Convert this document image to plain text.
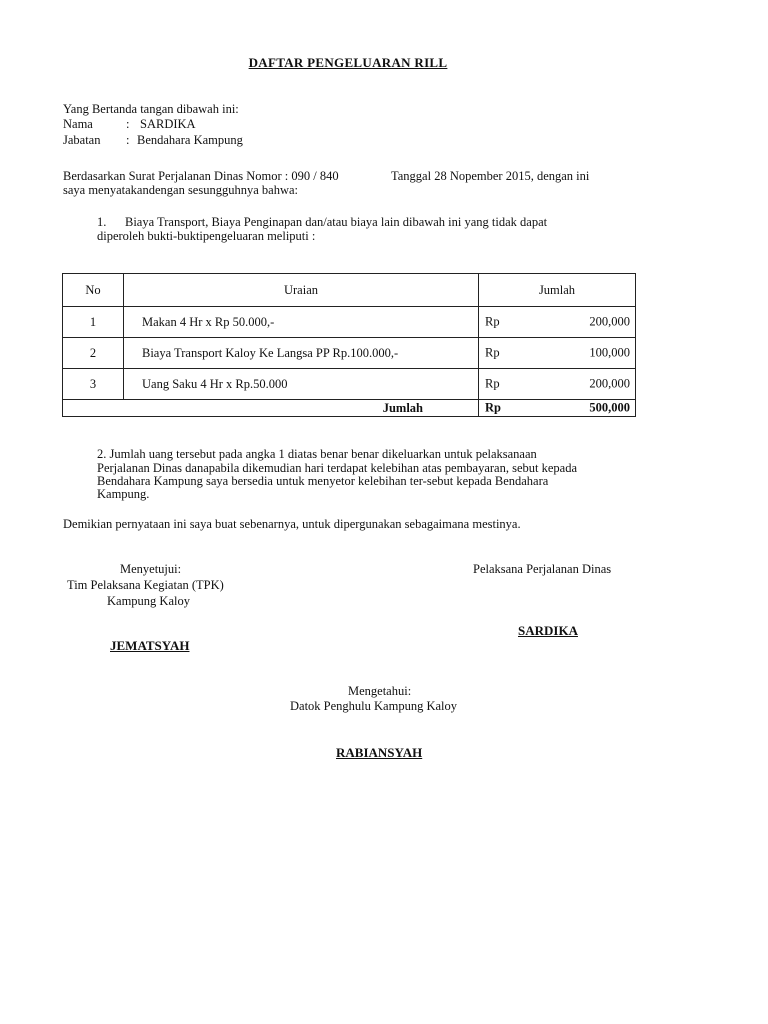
DAFTAR PENGELUARAN RILL
Yang Bertanda tangan dibawah ini:
Nama	: SARDIKA
Jabatan : Bendahara Kampung
Berdasarkan Surat Perjalanan Dinas Nomor : 090 / 840	Tanggal 28 Nopember 2015, dengan ini
saya menyatakandengan sesungguhnya bahwa:
1. Biaya Transport, Biaya Penginapan dan/atau biaya lain dibawah ini yang tidak dapat
diperoleh bukti-buktipengeluaran meliputi :
No	Uraian	Jumlah
1	Makan 4 Hr x Rp 50.000,-	Rp 200,000

2	Biaya Transport Kaloy Ke Langsa PP Rp.100.000,-	Rp 100,000

3	Uang Saku 4 Hr x Rp.50.000	Rp 200,000

	Jumlah	Rp 500,000
2. Jumlah uang tersebut pada angka 1 diatas benar benar dikeluarkan untuk pelaksanaan
Perjalanan Dinas danapabila dikemudian hari terdapat kelebihan atas pembayaran, sebut kepada
Bendahara Kampung saya bersedia untuk menyetor kelebihan ter-sebut kepada Bendahara
Kampung.
Demikian pernyataan ini saya buat sebenarnya, untuk dipergunakan sebagaimana mestinya.
Menyetujui:
Tim Pelaksana Kegiatan (TPK)
Kampung Kaloy
JEMATSYAH
Pelaksana Perjalanan Dinas
SARDIKA
Mengetahui:
Datok Penghulu Kampung Kaloy
RABIANSYAH
